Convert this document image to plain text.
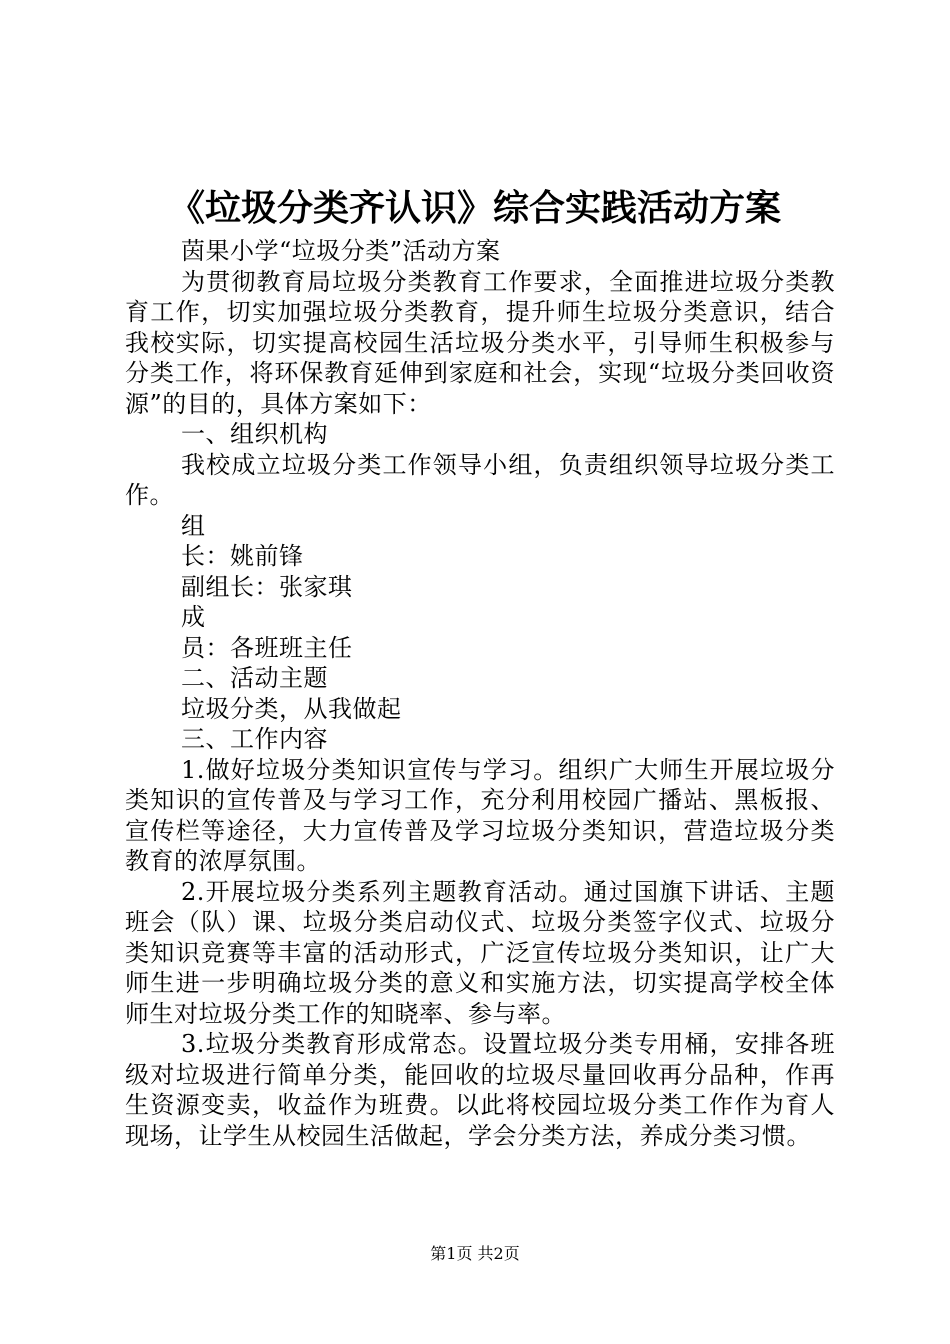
《垃圾分类齐认识》综合实践活动方案

茵果小学“垃圾分类”活动方案

为贯彻教育局垃圾分类教育工作要求，全面推进垃圾分类教育工作，切实加强垃圾分类教育，提升师生垃圾分类意识，结合我校实际，切实提高校园生活垃圾分类水平，引导师生积极参与分类工作，将环保教育延伸到家庭和社会，实现“垃圾分类回收资源”的目的，具体方案如下：

一、组织机构

我校成立垃圾分类工作领导小组，负责组织领导垃圾分类工作。

组

长：姚前锋

副组长：张家琪

成

员：各班班主任

二、活动主题

垃圾分类，从我做起

三、工作内容

1.做好垃圾分类知识宣传与学习。组织广大师生开展垃圾分类知识的宣传普及与学习工作，充分利用校园广播站、黑板报、宣传栏等途径，大力宣传普及学习垃圾分类知识，营造垃圾分类教育的浓厚氛围。

2.开展垃圾分类系列主题教育活动。通过国旗下讲话、主题班会（队）课、垃圾分类启动仪式、垃圾分类签字仪式、垃圾分类知识竞赛等丰富的活动形式，广泛宣传垃圾分类知识，让广大师生进一步明确垃圾分类的意义和实施方法，切实提高学校全体师生对垃圾分类工作的知晓率、参与率。

3.垃圾分类教育形成常态。设置垃圾分类专用桶，安排各班级对垃圾进行简单分类，能回收的垃圾尽量回收再分品种，作再生资源变卖，收益作为班费。以此将校园垃圾分类工作作为育人现场，让学生从校园生活做起，学会分类方法，养成分类习惯。

第1页 共2页
